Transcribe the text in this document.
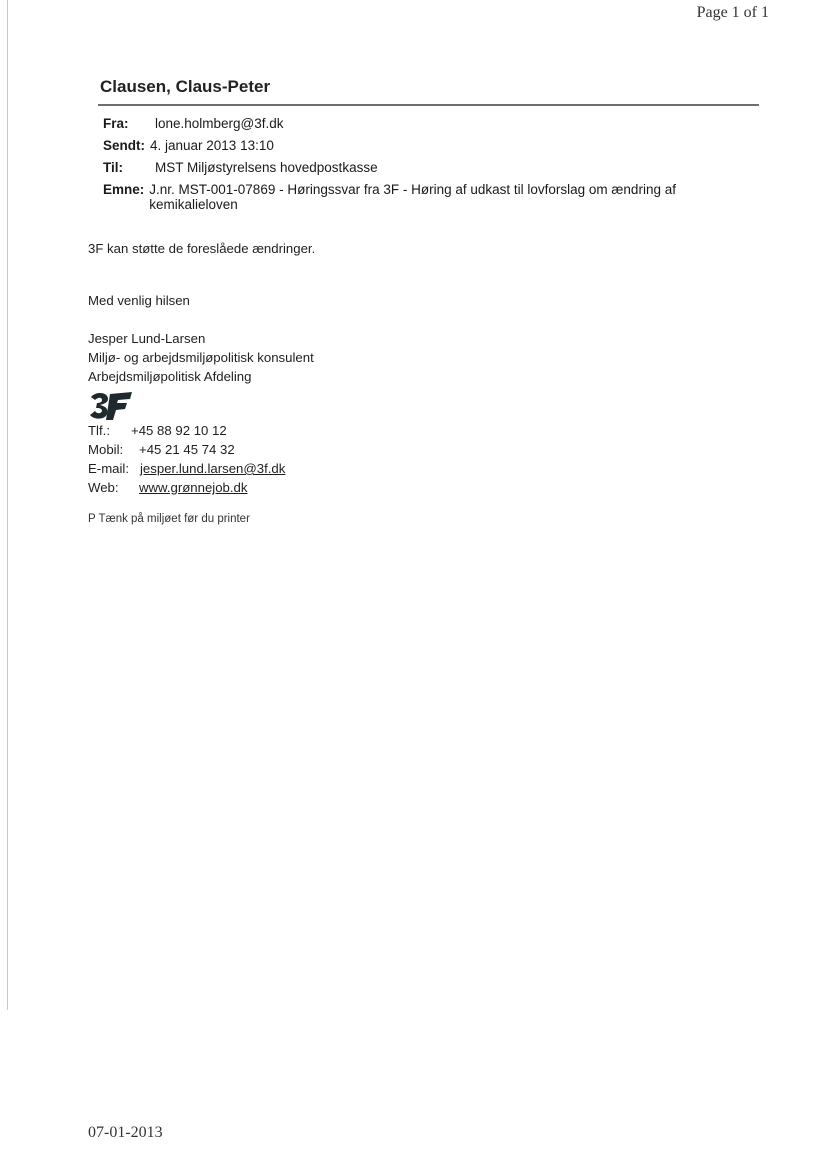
Page 1 of 1
Clausen, Claus-Peter
Fra: lone.holmberg@3f.dk
Sendt: 4. januar 2013 13:10
Til: MST Miljøstyrelsens hovedpostkasse
Emne: J.nr. MST-001-07869 - Høringssvar fra 3F - Høring af udkast til lovforslag om ændring af
kemikalieloven
3F kan støtte de foreslåede ændringer.
Med venlig hilsen
Jesper Lund-Larsen
Miljø- og arbejdsmiljøpolitisk konsulent
Arbejdsmiljøpolitisk Afdeling
Tlf.: +45 88 92 10 12
Mobil: +45 21 45 74 32
E-mail: jesper.lund.larsen@3f.dk
Web: www.grønnejob.dk
P Tænk på miljøet før du printer
07-01-2013
